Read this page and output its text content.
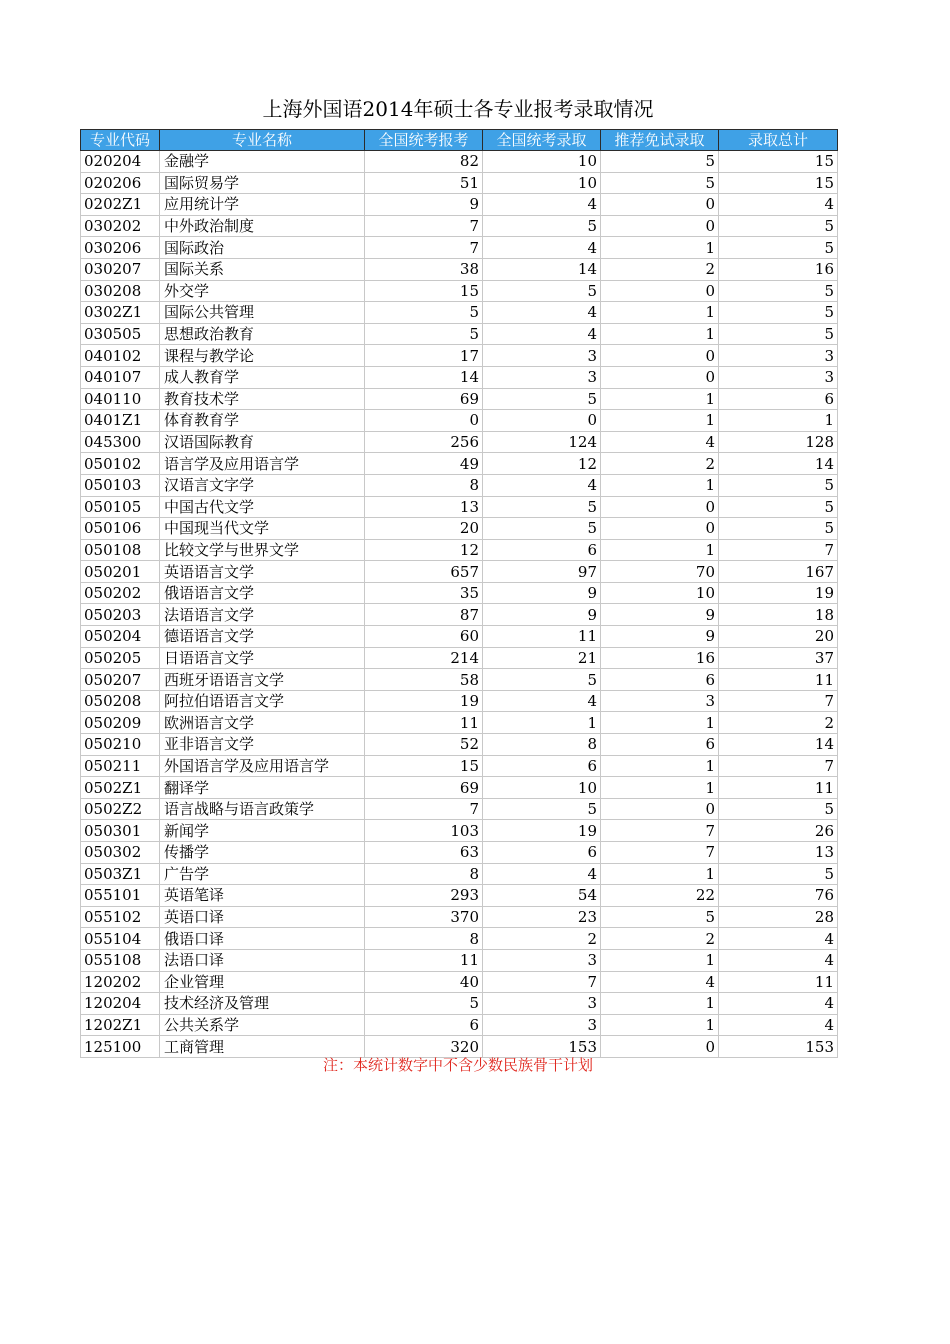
上海外国语2014年硕士各专业报考录取情况
专业代码	专业名称	全国统考报考	全国统考录取	推荐免试录取	录取总计
020204	金融学	82	10	5	15
020206	国际贸易学	51	10	5	15
0202Z1	应用统计学	9	4	0	4
030202	中外政治制度	7	5	0	5
030206	国际政治	7	4	1	5
030207	国际关系	38	14	2	16
030208	外交学	15	5	0	5
0302Z1	国际公共管理	5	4	1	5
030505	思想政治教育	5	4	1	5
040102	课程与教学论	17	3	0	3
040107	成人教育学	14	3	0	3
040110	教育技术学	69	5	1	6
0401Z1	体育教育学	0	0	1	1
045300	汉语国际教育	256	124	4	128
050102	语言学及应用语言学	49	12	2	14
050103	汉语言文字学	8	4	1	5
050105	中国古代文学	13	5	0	5
050106	中国现当代文学	20	5	0	5
050108	比较文学与世界文学	12	6	1	7
050201	英语语言文学	657	97	70	167
050202	俄语语言文学	35	9	10	19
050203	法语语言文学	87	9	9	18
050204	德语语言文学	60	11	9	20
050205	日语语言文学	214	21	16	37
050207	西班牙语语言文学	58	5	6	11
050208	阿拉伯语语言文学	19	4	3	7
050209	欧洲语言文学	11	1	1	2
050210	亚非语言文学	52	8	6	14
050211	外国语言学及应用语言学	15	6	1	7
0502Z1	翻译学	69	10	1	11
0502Z2	语言战略与语言政策学	7	5	0	5
050301	新闻学	103	19	7	26
050302	传播学	63	6	7	13
0503Z1	广告学	8	4	1	5
055101	英语笔译	293	54	22	76
055102	英语口译	370	23	5	28
055104	俄语口译	8	2	2	4
055108	法语口译	11	3	1	4
120202	企业管理	40	7	4	11
120204	技术经济及管理	5	3	1	4
1202Z1	公共关系学	6	3	1	4
125100	工商管理	320	153	0	153
注：本统计数字中不含少数民族骨干计划
